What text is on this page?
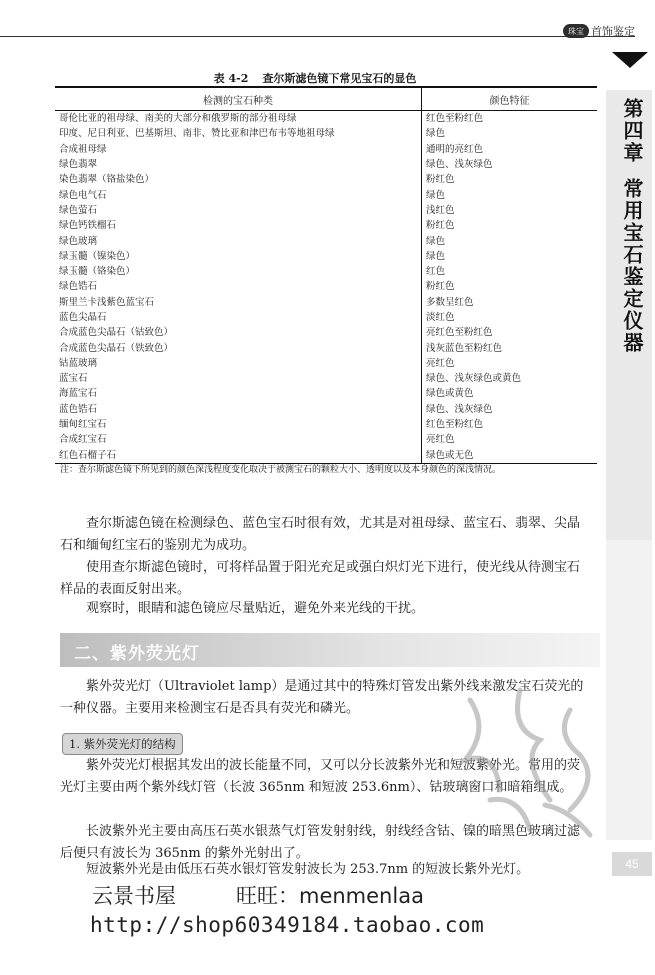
珠宝 首饰鉴定
第四章常用宝石鉴定仪器
表 4-2 查尔斯滤色镜下常见宝石的显色
检测的宝石种类	颜色特征
哥伦比亚的祖母绿、南美的大部分和俄罗斯的部分祖母绿	红色至粉红色
印度、尼日利亚、巴基斯坦、南非、赞比亚和津巴布韦等地祖母绿	绿色
合成祖母绿	通明的亮红色
绿色翡翠	绿色、浅灰绿色
染色翡翠（铬盐染色）	粉红色
绿色电气石	绿色
绿色萤石	浅红色
绿色钙铁榴石	粉红色
绿色玻璃	绿色
绿玉髓（镍染色）	绿色
绿玉髓（铬染色）	红色
绿色锆石	粉红色
斯里兰卡浅紫色蓝宝石	多数呈红色
蓝色尖晶石	淡红色
合成蓝色尖晶石（钴致色）	亮红色至粉红色
合成蓝色尖晶石（铁致色）	浅灰蓝色至粉红色
钴蓝玻璃	亮红色
蓝宝石	绿色、浅灰绿色或黄色
海蓝宝石	绿色或黄色
蓝色锆石	绿色、浅灰绿色
缅甸红宝石	红色至粉红色
合成红宝石	亮红色
红色石榴子石	绿色或无色
注：查尔斯滤色镜下所见到的颜色深浅程度变化取决于被测宝石的颗粒大小、透明度以及本身颜色的深浅情况。
查尔斯滤色镜在检测绿色、蓝色宝石时很有效，尤其是对祖母绿、蓝宝石、翡翠、尖晶石和缅甸红宝石的鉴别尤为成功。
使用查尔斯滤色镜时，可将样品置于阳光充足或强白炽灯光下进行，使光线从待测宝石样品的表面反射出来。
观察时，眼睛和滤色镜应尽量贴近，避免外来光线的干扰。
二、紫外荧光灯
紫外荧光灯（Ultraviolet lamp）是通过其中的特殊灯管发出紫外线来激发宝石荧光的一种仪器。主要用来检测宝石是否具有荧光和磷光。
1. 紫外荧光灯的结构
紫外荧光灯根据其发出的波长能量不同，又可以分长波紫外光和短波紫外光。常用的荧光灯主要由两个紫外线灯管（长波 365nm 和短波 253.6nm）、钴玻璃窗口和暗箱组成。
长波紫外光主要由高压石英水银蒸气灯管发射射线，射线经含钴、镍的暗黑色玻璃过滤后便只有波长为 365nm 的紫外光射出了。
短波紫外光是由低压石英水银灯管发射波长为 253.7nm 的短波长紫外光灯。	45
云景书屋	旺旺：menmenlaa
http://shop60349184.taobao.com
